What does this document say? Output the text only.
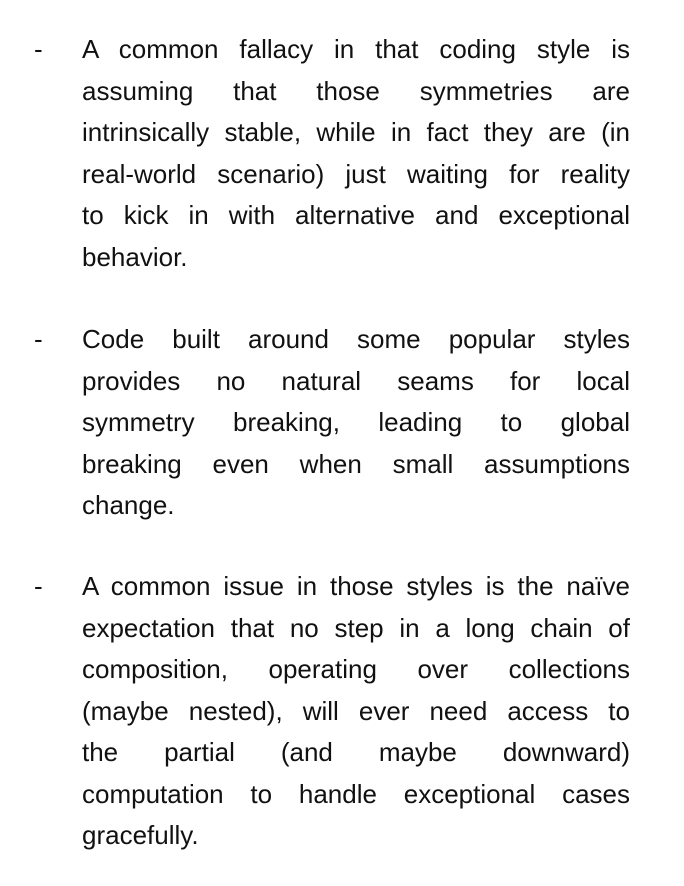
- A common fallacy in that coding style is
assuming that those symmetries are
intrinsically stable, while in fact they are (in
real-world scenario) just waiting for reality
to kick in with alternative and exceptional
behavior.
- Code built around some popular styles
provides no natural seams for local
symmetry breaking, leading to global
breaking even when small assumptions
change.
- A common issue in those styles is the naïve
expectation that no step in a long chain of
composition, operating over collections
(maybe nested), will ever need access to
the partial (and maybe downward)
computation to handle exceptional cases
gracefully.
